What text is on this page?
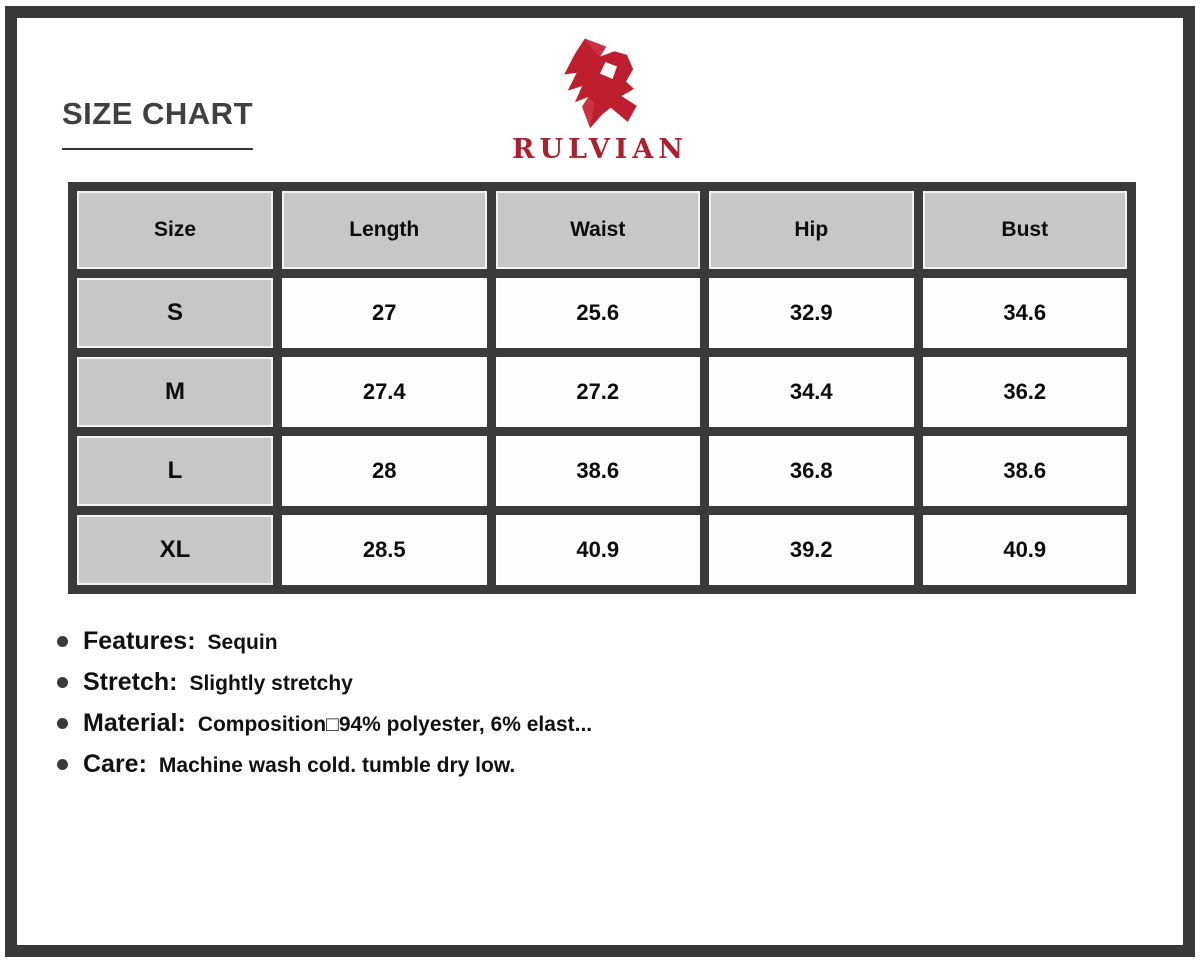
SIZE CHART
RULVIAN
Size	Length	Waist	Hip	Bust
S	27	25.6	32.9	34.6
M	27.4	27.2	34.4	36.2
L	28	38.6	36.8	38.6
XL	28.5	40.9	39.2	40.9
Features: Sequin
Stretch: Slightly stretchy
Material: Composition□94% polyester, 6% elast...
Care: Machine wash cold. tumble dry low.
